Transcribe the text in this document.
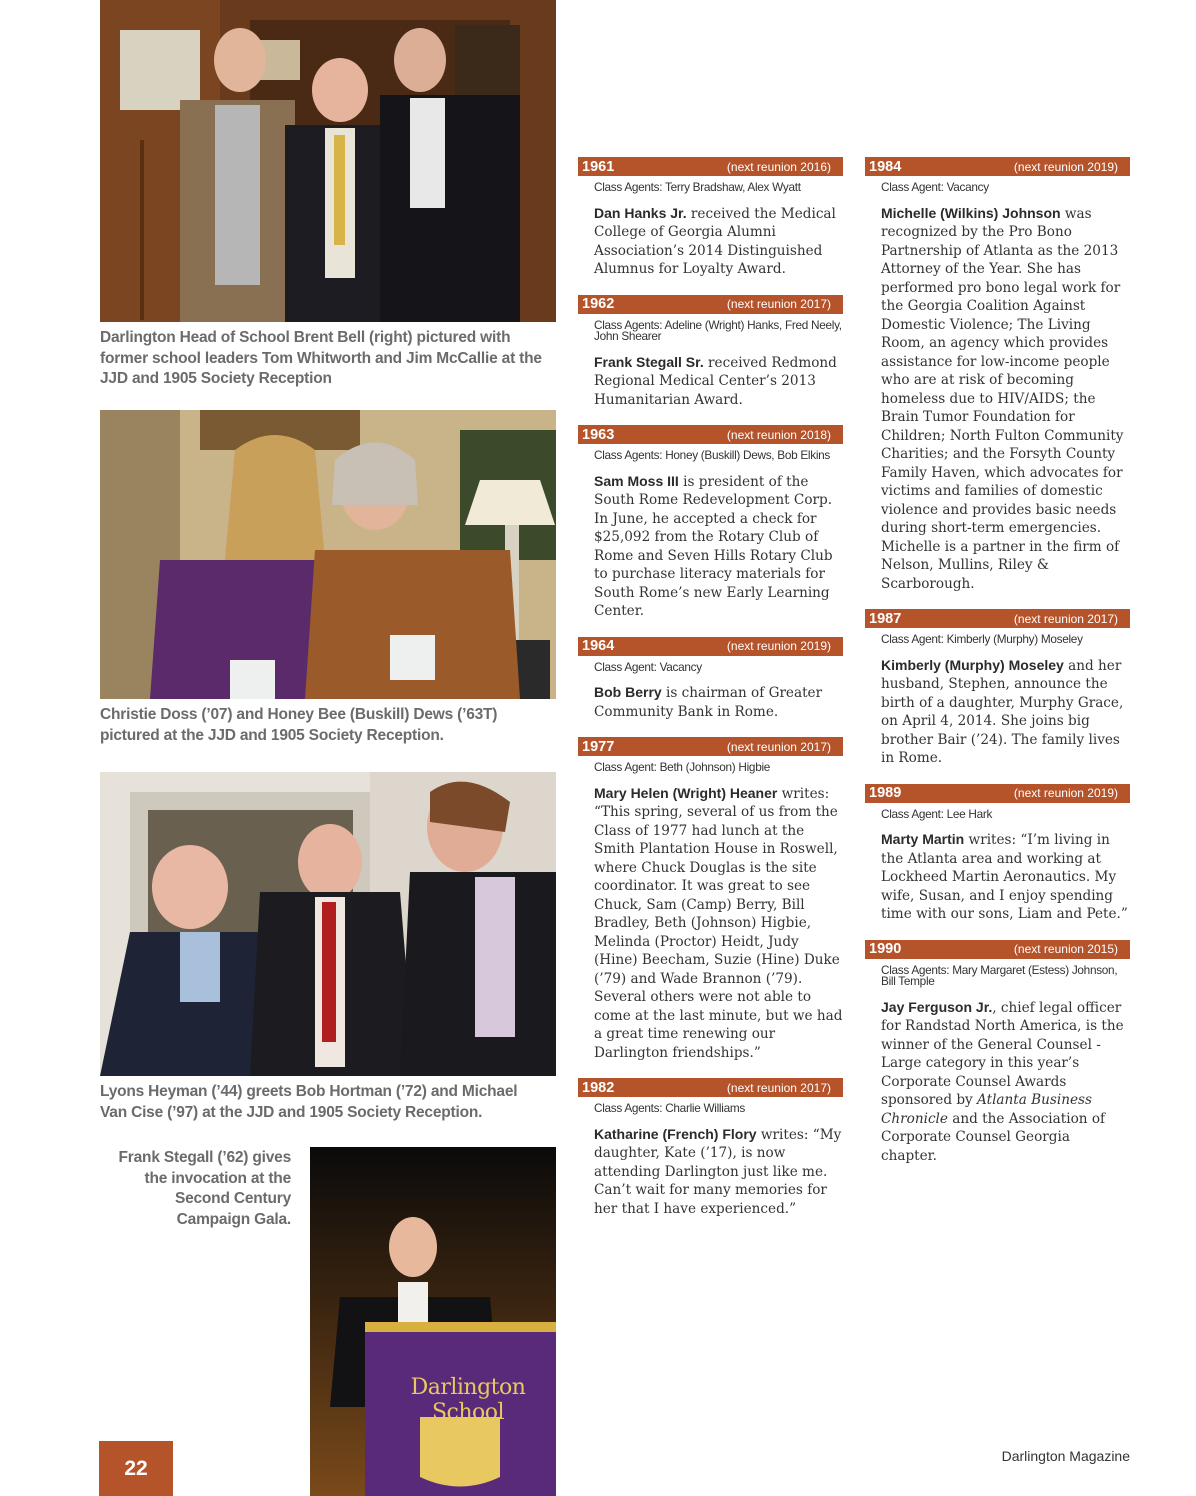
Darlington Head of School Brent Bell (right) pictured with former school leaders Tom Whitworth and Jim McCallie at the JJD and 1905 Society Reception
Christie Doss (’07) and Honey Bee (Buskill) Dews (’63T) pictured at the JJD and 1905 Society Reception.
Lyons Heyman (’44) greets Bob Hortman (’72) and Michael Van Cise (’97) at the JJD and 1905 Society Reception.
Frank Stegall (’62) gives the invocation at the Second Century Campaign Gala.
Darlington School
1961	(next reunion 2016)
Class Agents: Terry Bradshaw, Alex Wyatt
Dan Hanks Jr. received the Medical College of Georgia Alumni Association’s 2014 Distinguished Alumnus for Loyalty Award.
1962	(next reunion 2017)
Class Agents: Adeline (Wright) Hanks, Fred Neely, John Shearer
Frank Stegall Sr. received Redmond Regional Medical Center’s 2013 Humanitarian Award.
1963	(next reunion 2018)
Class Agents: Honey (Buskill) Dews, Bob Elkins
Sam Moss III is president of the South Rome Redevelopment Corp. In June, he accepted a check for $25,092 from the Rotary Club of Rome and Seven Hills Rotary Club to purchase literacy materials for South Rome’s new Early Learning Center.
1964	(next reunion 2019)
Class Agent: Vacancy
Bob Berry is chairman of Greater Community Bank in Rome.
1977	(next reunion 2017)
Class Agent: Beth (Johnson) Higbie
Mary Helen (Wright) Heaner writes: “This spring, several of us from the Class of 1977 had lunch at the Smith Plantation House in Roswell, where Chuck Douglas is the site coordinator. It was great to see Chuck, Sam (Camp) Berry, Bill Bradley, Beth (Johnson) Higbie, Melinda (Proctor) Heidt, Judy (Hine) Beecham, Suzie (Hine) Duke (’79) and Wade Brannon (’79). Several others were not able to come at the last minute, but we had a great time renewing our Darlington friendships.”
1982	(next reunion 2017)
Class Agents: Charlie Williams
Katharine (French) Flory writes: “My daughter, Kate (’17), is now attending Darlington just like me. Can’t wait for many memories for her that I have experienced.”
1984	(next reunion 2019)
Class Agent: Vacancy
Michelle (Wilkins) Johnson was recognized by the Pro Bono Partnership of Atlanta as the 2013 Attorney of the Year. She has performed pro bono legal work for the Georgia Coalition Against Domestic Violence; The Living Room, an agency which provides assistance for low-income people who are at risk of becoming homeless due to HIV/AIDS; the Brain Tumor Foundation for Children; North Fulton Community Charities; and the Forsyth County Family Haven, which advocates for victims and families of domestic violence and provides basic needs during short-term emergencies. Michelle is a partner in the firm of Nelson, Mullins, Riley & Scarborough.
1987	(next reunion 2017)
Class Agent: Kimberly (Murphy) Moseley
Kimberly (Murphy) Moseley and her husband, Stephen, announce the birth of a daughter, Murphy Grace, on April 4, 2014. She joins big brother Bair (’24). The family lives in Rome.
1989	(next reunion 2019)
Class Agent: Lee Hark
Marty Martin writes: “I’m living in the Atlanta area and working at Lockheed Martin Aeronautics. My wife, Susan, and I enjoy spending time with our sons, Liam and Pete.”
1990	(next reunion 2015)
Class Agents: Mary Margaret (Estess) Johnson, Bill Temple
Jay Ferguson Jr., chief legal officer for Randstad North America, is the winner of the General Counsel - Large category in this year’s Corporate Counsel Awards sponsored by Atlanta Business Chronicle and the Association of Corporate Counsel Georgia chapter.
22
Darlington Magazine
